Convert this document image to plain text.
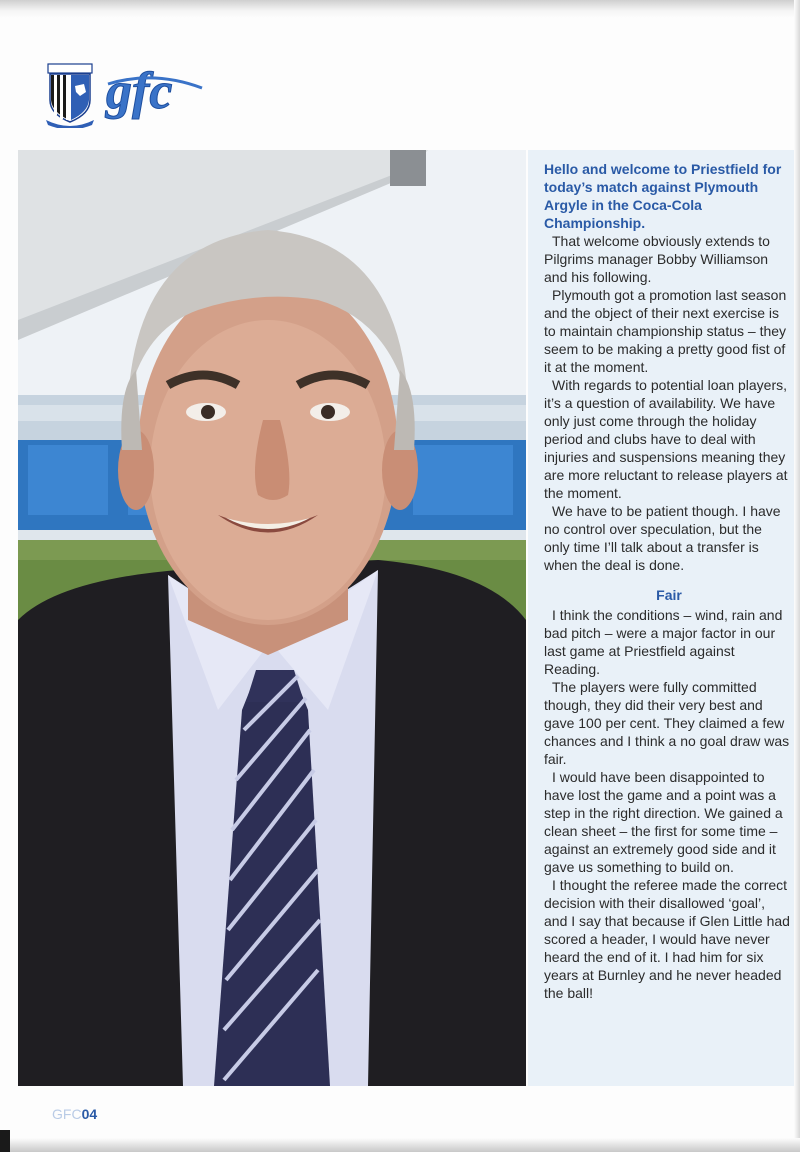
gfc

Hello and welcome to Priestfield for today’s match against Plymouth Argyle in the Coca-Cola Championship.

That welcome obviously extends to Pilgrims manager Bobby Williamson and his following.

Plymouth got a promotion last season and the object of their next exercise is to maintain championship status – they seem to be making a pretty good fist of it at the moment.

With regards to potential loan players, it’s a question of availability. We have only just come through the holiday period and clubs have to deal with injuries and suspensions meaning they are more reluctant to release players at the moment.

We have to be patient though. I have no control over speculation, but the only time I’ll talk about a transfer is when the deal is done.

Fair

I think the conditions – wind, rain and bad pitch – were a major factor in our last game at Priestfield against Reading.

The players were fully committed though, they did their very best and gave 100 per cent. They claimed a few chances and I think a no goal draw was fair.

I would have been disappointed to have lost the game and a point was a step in the right direction. We gained a clean sheet – the first for some time – against an extremely good side and it gave us something to build on.

I thought the referee made the correct decision with their disallowed ‘goal’, and I say that because if Glen Little had scored a header, I would have never heard the end of it. I had him for six years at Burnley and he never headed the ball!

GFC04
